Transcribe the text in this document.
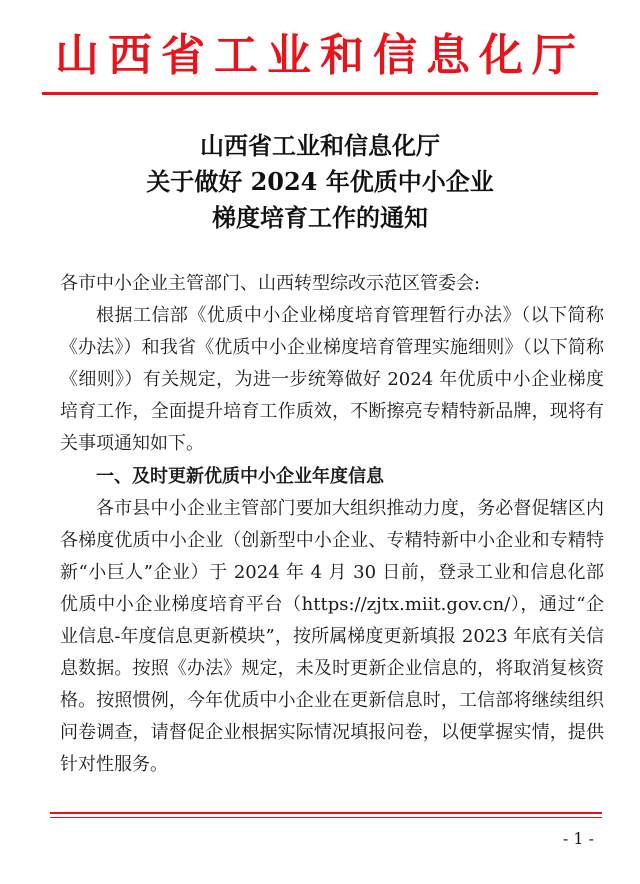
山西省工业和信息化厅
山西省工业和信息化厅
关于做好 2024 年优质中小企业
梯度培育工作的通知
各市中小企业主管部门、山西转型综改示范区管委会:

根据工信部《优质中小企业梯度培育管理暂行办法》（以下简称《办法》）和我省《优质中小企业梯度培育管理实施细则》（以下简称《细则》）有关规定，为进一步统筹做好 2024 年优质中小企业梯度培育工作，全面提升培育工作质效，不断擦亮专精特新品牌，现将有关事项通知如下。

一、及时更新优质中小企业年度信息

各市县中小企业主管部门要加大组织推动力度，务必督促辖区内各梯度优质中小企业（创新型中小企业、专精特新中小企业和专精特新“小巨人”企业）于 2024 年 4 月 30 日前，登录工业和信息化部优质中小企业梯度培育平台（https://zjtx.miit.gov.cn/），通过“企业信息-年度信息更新模块”，按所属梯度更新填报 2023 年底有关信息数据。按照《办法》规定，未及时更新企业信息的，将取消复核资格。按照惯例，今年优质中小企业在更新信息时，工信部将继续组织问卷调查，请督促企业根据实际情况填报问卷，以便掌握实情，提供针对性服务。

- 1 -
